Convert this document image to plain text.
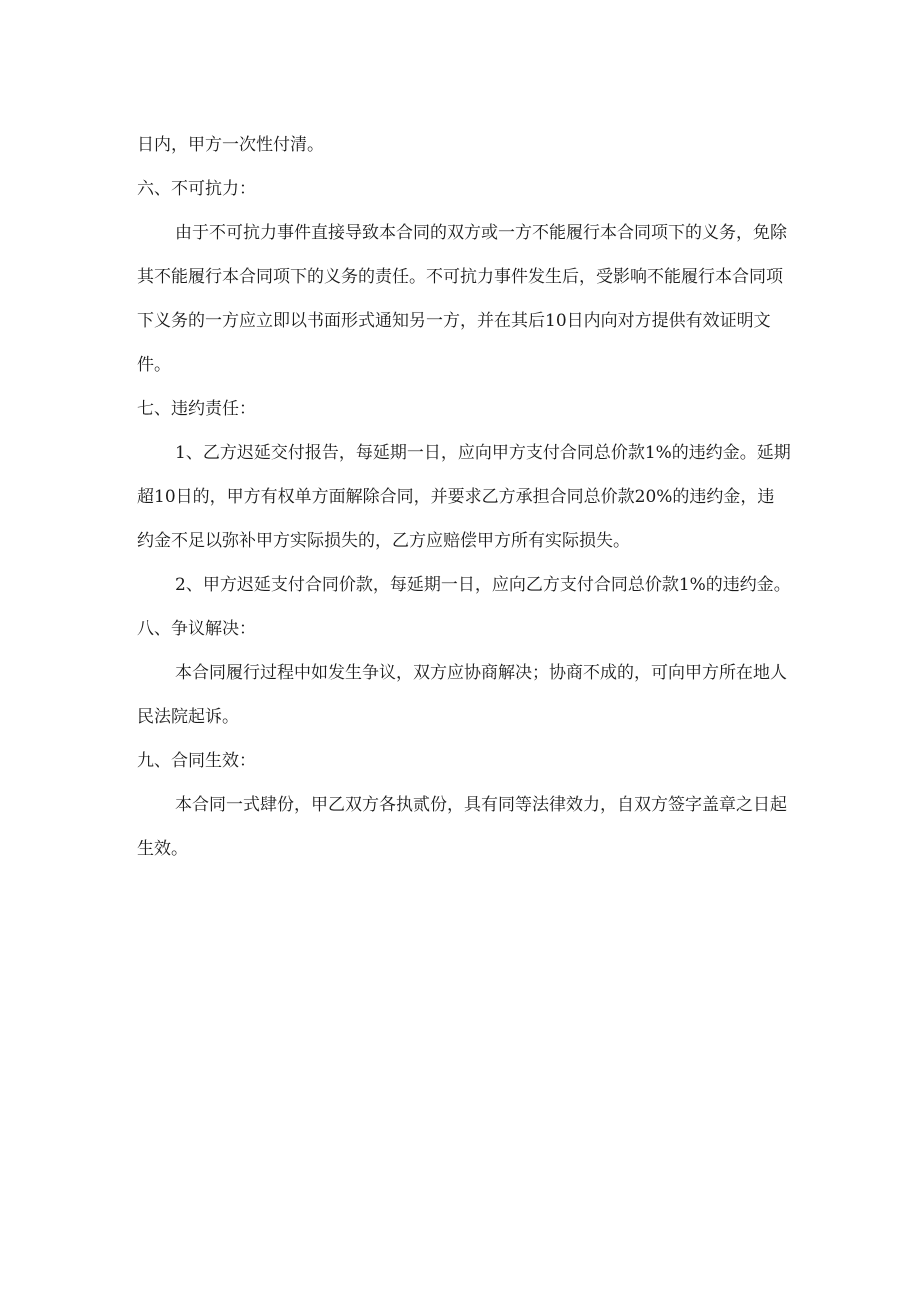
日内，甲方一次性付清。
六、不可抗力：
由于不可抗力事件直接导致本合同的双方或一方不能履行本合同项下的义务，免除
其不能履行本合同项下的义务的责任。不可抗力事件发生后，受影响不能履行本合同项
下义务的一方应立即以书面形式通知另一方，并在其后10日内向对方提供有效证明文
件。
七、违约责任：
1、乙方迟延交付报告，每延期一日，应向甲方支付合同总价款1%的违约金。延期
超10日的，甲方有权单方面解除合同，并要求乙方承担合同总价款20%的违约金，违
约金不足以弥补甲方实际损失的，乙方应赔偿甲方所有实际损失。
2、甲方迟延支付合同价款，每延期一日，应向乙方支付合同总价款1%的违约金。
八、争议解决：
本合同履行过程中如发生争议，双方应协商解决；协商不成的，可向甲方所在地人
民法院起诉。
九、合同生效：
本合同一式肆份，甲乙双方各执贰份，具有同等法律效力，自双方签字盖章之日起
生效。
